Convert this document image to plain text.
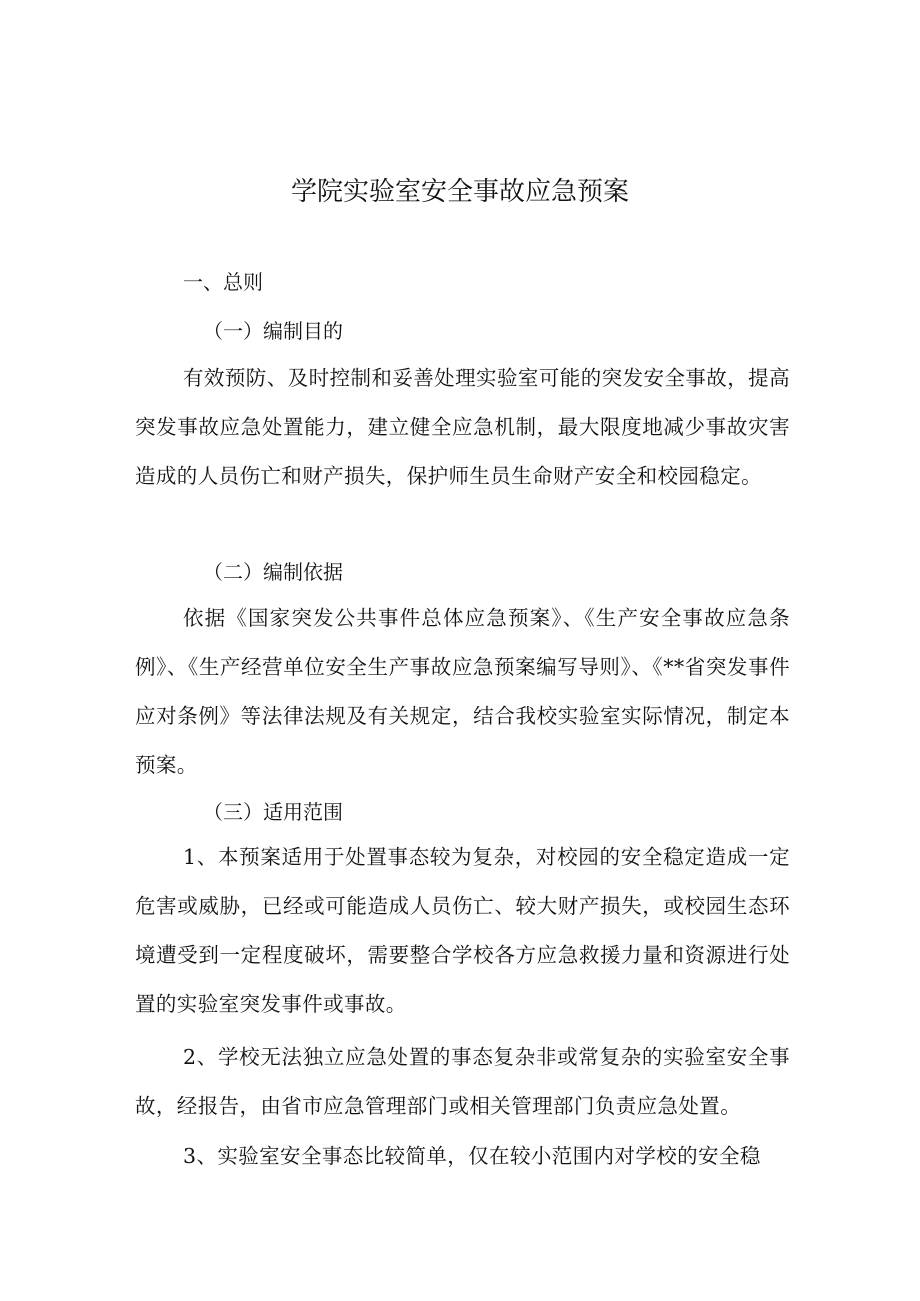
学院实验室安全事故应急预案
一、总则
（一）编制目的
有效预防、及时控制和妥善处理实验室可能的突发安全事故，提高突发事故应急处置能力，建立健全应急机制，最大限度地减少事故灾害造成的人员伤亡和财产损失，保护师生员生命财产安全和校园稳定。
（二）编制依据
依据《国家突发公共事件总体应急预案》、《生产安全事故应急条例》、《生产经营单位安全生产事故应急预案编写导则》、《**省突发事件应对条例》等法律法规及有关规定，结合我校实验室实际情况，制定本预案。
（三）适用范围
1、本预案适用于处置事态较为复杂，对校园的安全稳定造成一定危害或威胁，已经或可能造成人员伤亡、较大财产损失，或校园生态环境遭受到一定程度破坏，需要整合学校各方应急救援力量和资源进行处置的实验室突发事件或事故。
2、学校无法独立应急处置的事态复杂非或常复杂的实验室安全事故，经报告，由省市应急管理部门或相关管理部门负责应急处置。
3、实验室安全事态比较简单，仅在较小范围内对学校的安全稳
